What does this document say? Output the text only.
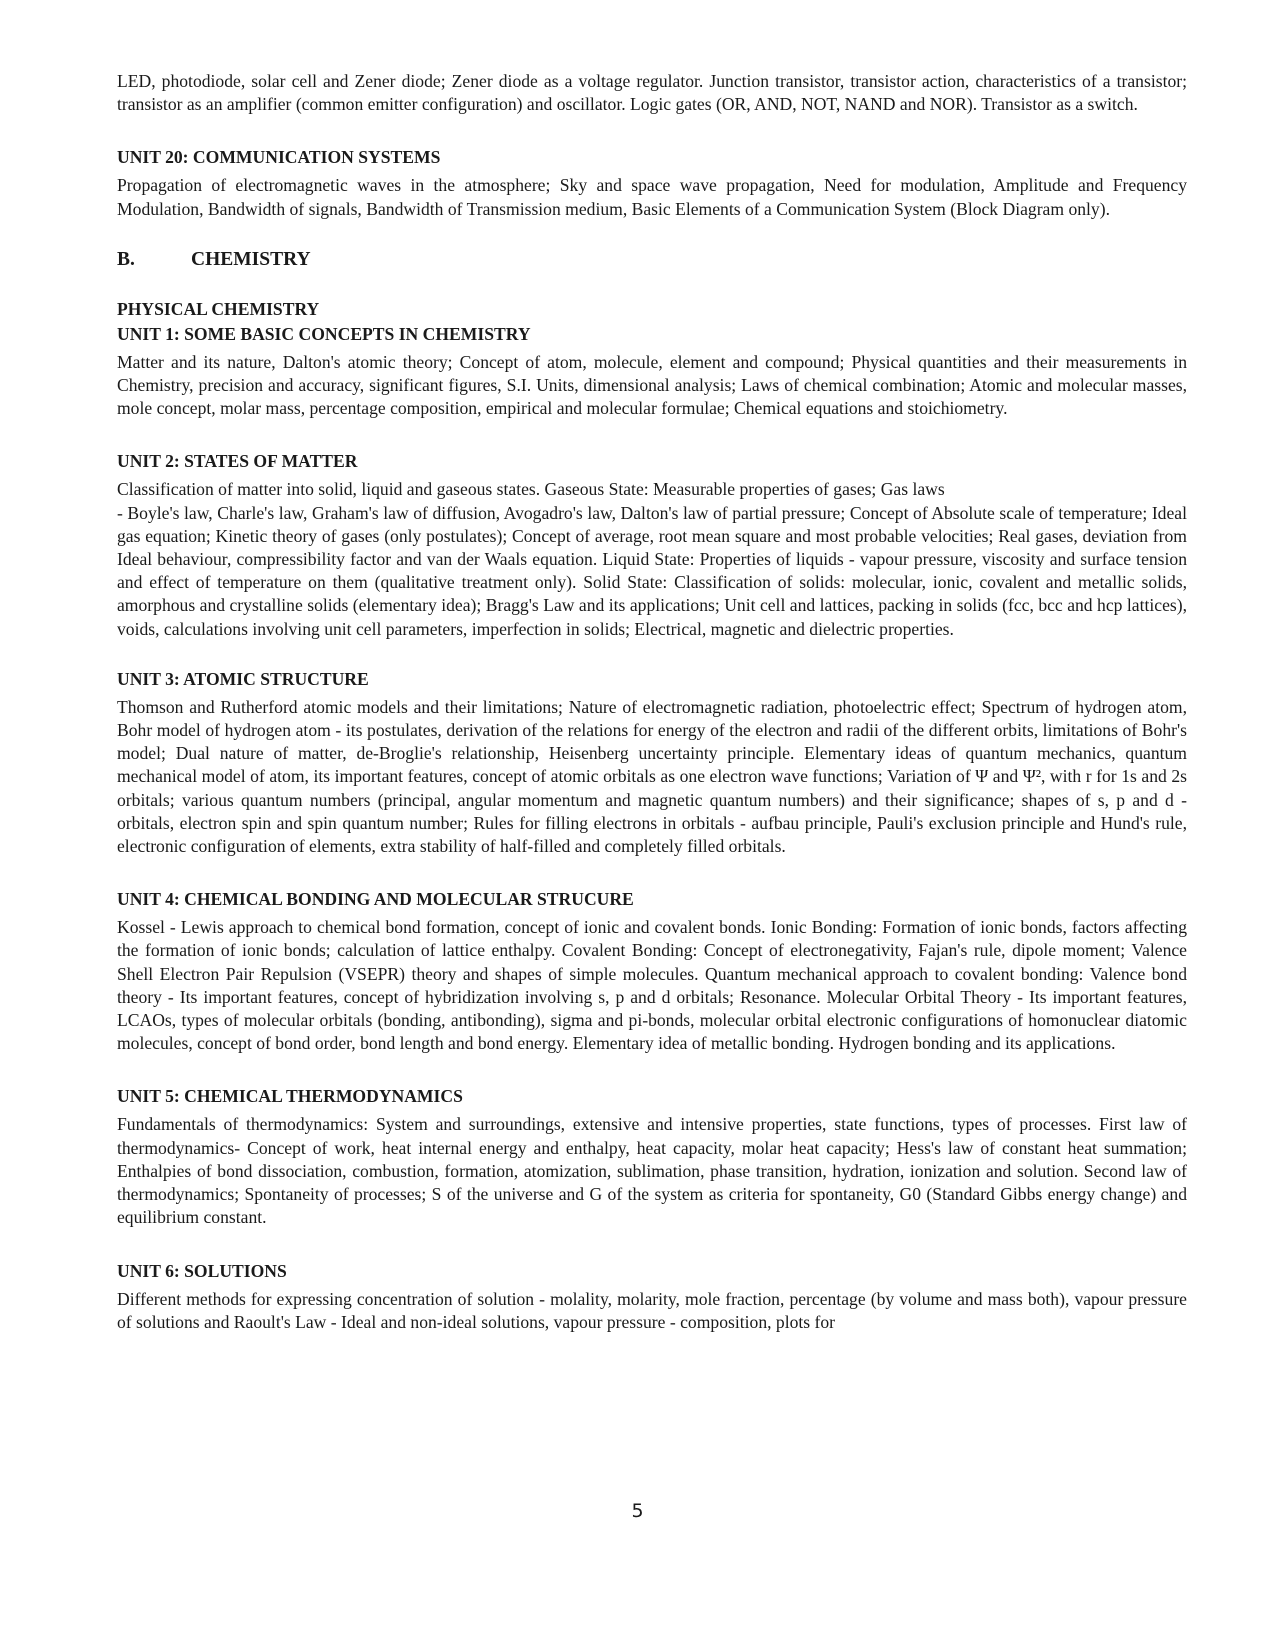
LED, photodiode, solar cell and Zener diode; Zener diode as a voltage regulator. Junction transistor, transistor action, characteristics of a transistor; transistor as an amplifier (common emitter configuration) and oscillator. Logic gates (OR, AND, NOT, NAND and NOR). Transistor as a switch.

UNIT 20: COMMUNICATION SYSTEMS

Propagation of electromagnetic waves in the atmosphere; Sky and space wave propagation, Need for modulation, Amplitude and Frequency Modulation, Bandwidth of signals, Bandwidth of Transmission medium, Basic Elements of a Communication System (Block Diagram only).

B.	CHEMISTRY
PHYSICAL CHEMISTRY
UNIT 1: SOME BASIC CONCEPTS IN CHEMISTRY

Matter and its nature, Dalton's atomic theory; Concept of atom, molecule, element and compound; Physical quantities and their measurements in Chemistry, precision and accuracy, significant figures, S.I. Units, dimensional analysis; Laws of chemical combination; Atomic and molecular masses, mole concept, molar mass, percentage composition, empirical and molecular formulae; Chemical equations and stoichiometry.

UNIT 2: STATES OF MATTER

Classification of matter into solid, liquid and gaseous states. Gaseous State: Measurable properties of gases; Gas laws

- Boyle's law, Charle's law, Graham's law of diffusion, Avogadro's law, Dalton's law of partial pressure; Concept of Absolute scale of temperature; Ideal gas equation; Kinetic theory of gases (only postulates); Concept of average, root mean square and most probable velocities; Real gases, deviation from Ideal behaviour, compressibility factor and van der Waals equation. Liquid State: Properties of liquids - vapour pressure, viscosity and surface tension and effect of temperature on them (qualitative treatment only). Solid State: Classification of solids: molecular, ionic, covalent and metallic solids, amorphous and crystalline solids (elementary idea); Bragg's Law and its applications; Unit cell and lattices, packing in solids (fcc, bcc and hcp lattices), voids, calculations involving unit cell parameters, imperfection in solids; Electrical, magnetic and dielectric properties.

UNIT 3: ATOMIC STRUCTURE

Thomson and Rutherford atomic models and their limitations; Nature of electromagnetic radiation, photoelectric effect; Spectrum of hydrogen atom, Bohr model of hydrogen atom - its postulates, derivation of the relations for energy of the electron and radii of the different orbits, limitations of Bohr's model; Dual nature of matter, de-Broglie's relationship, Heisenberg uncertainty principle. Elementary ideas of quantum mechanics, quantum mechanical model of atom, its important features, concept of atomic orbitals as one electron wave functions; Variation of Ψ and Ψ², with r for 1s and 2s orbitals; various quantum numbers (principal, angular momentum and magnetic quantum numbers) and their significance; shapes of s, p and d - orbitals, electron spin and spin quantum number; Rules for filling electrons in orbitals - aufbau principle, Pauli's exclusion principle and Hund's rule, electronic configuration of elements, extra stability of half-filled and completely filled orbitals.

UNIT 4: CHEMICAL BONDING AND MOLECULAR STRUCURE

Kossel - Lewis approach to chemical bond formation, concept of ionic and covalent bonds. Ionic Bonding: Formation of ionic bonds, factors affecting the formation of ionic bonds; calculation of lattice enthalpy. Covalent Bonding: Concept of electronegativity, Fajan's rule, dipole moment; Valence Shell Electron Pair Repulsion (VSEPR) theory and shapes of simple molecules. Quantum mechanical approach to covalent bonding: Valence bond theory - Its important features, concept of hybridization involving s, p and d orbitals; Resonance. Molecular Orbital Theory - Its important features, LCAOs, types of molecular orbitals (bonding, antibonding), sigma and pi-bonds, molecular orbital electronic configurations of homonuclear diatomic molecules, concept of bond order, bond length and bond energy. Elementary idea of metallic bonding. Hydrogen bonding and its applications.

UNIT 5: CHEMICAL THERMODYNAMICS

Fundamentals of thermodynamics: System and surroundings, extensive and intensive properties, state functions, types of processes. First law of thermodynamics- Concept of work, heat internal energy and enthalpy, heat capacity, molar heat capacity; Hess's law of constant heat summation; Enthalpies of bond dissociation, combustion, formation, atomization, sublimation, phase transition, hydration, ionization and solution. Second law of thermodynamics; Spontaneity of processes; S of the universe and G of the system as criteria for spontaneity, G0 (Standard Gibbs energy change) and equilibrium constant.

UNIT 6: SOLUTIONS

Different methods for expressing concentration of solution - molality, molarity, mole fraction, percentage (by volume and mass both), vapour pressure of solutions and Raoult's Law - Ideal and non-ideal solutions, vapour pressure - composition, plots for

5
